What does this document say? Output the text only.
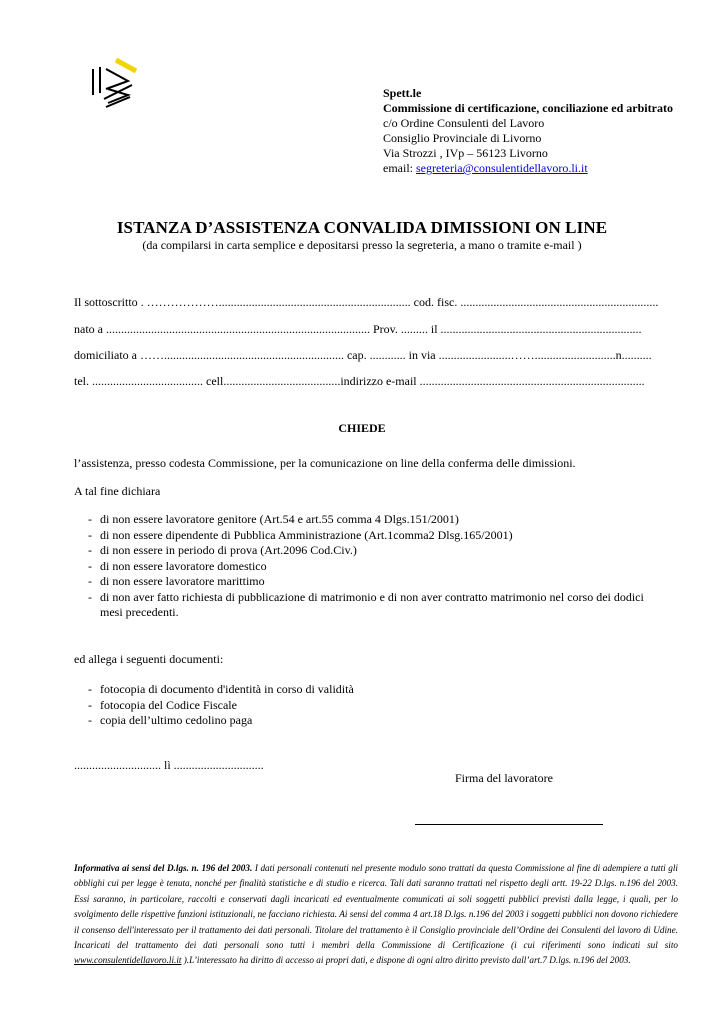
Spett.le
Commissione di certificazione, conciliazione ed arbitrato
c/o Ordine Consulenti del Lavoro
Consiglio Provinciale di Livorno
Via Strozzi , IVp – 56123 Livorno
email: segreteria@consulentidellavoro.li.it
ISTANZA D’ASSISTENZA CONVALIDA DIMISSIONI ON LINE
(da compilarsi in carta semplice e depositarsi presso la segreteria, a mano o tramite e-mail )
Il sottoscritto . ………………................................................................ cod. fisc. ..................................................................
nato a ........................................................................................ Prov. ......... il ...................................................................
domiciliato a ……............................................................ cap. ............ in via ........................……...........................n..........
tel. ..................................... cell.......................................indirizzo e-mail ...........................................................................
CHIEDE
l’assistenza, presso codesta Commissione, per la comunicazione on line della conferma delle dimissioni.
A tal fine dichiara
- di non essere lavoratore genitore (Art.54 e art.55 comma 4 Dlgs.151/2001)
- di non essere dipendente di Pubblica Amministrazione (Art.1comma2 Dlsg.165/2001)
- di non essere in periodo di prova (Art.2096 Cod.Civ.)
- di non essere lavoratore domestico
- di non essere lavoratore marittimo
- di non aver fatto richiesta di pubblicazione di matrimonio e di non aver contratto matrimonio nel corso dei dodici mesi precedenti.
ed allega i seguenti documenti:
- fotocopia di documento d'identità in corso di validità
- fotocopia del Codice Fiscale
- copia dell’ultimo cedolino paga
............................. lì ..............................
Firma del lavoratore
Informativa ai sensi del D.lgs. n. 196 del 2003. I dati personali contenuti nel presente modulo sono trattati da questa Commissione al fine di adempiere a tutti gli obblighi cui per legge è tenuta, nonché per finalità statistiche e di studio e ricerca. Tali dati saranno trattati nel rispetto degli artt. 19-22 D.lgs. n.196 del 2003. Essi saranno, in particolare, raccolti e conservati dagli incaricati ed eventualmente comunicati ai soli soggetti pubblici previsti dalla legge, i quali, per lo svolgimento delle rispettive funzioni istituzionali, ne facciano richiesta. Ai sensi del comma 4 art.18 D.lgs. n.196 del 2003 i soggetti pubblici non dovono richiedere il consenso dell'interessato per il trattamento dei dati personali. Titolare del trattamento è il Consiglio provinciale dell’Ordine dei Consulenti del lavoro di Udine. Incaricati del trattamento dei dati personali sono tutti i membri della Commissione di Certificazione (i cui riferimenti sono indicati sul sito www.consulentidellavoro.li.it ).L’interessato ha diritto di accesso ai propri dati, e dispone di ogni altro diritto previsto dall’art.7 D.lgs. n.196 del 2003.
